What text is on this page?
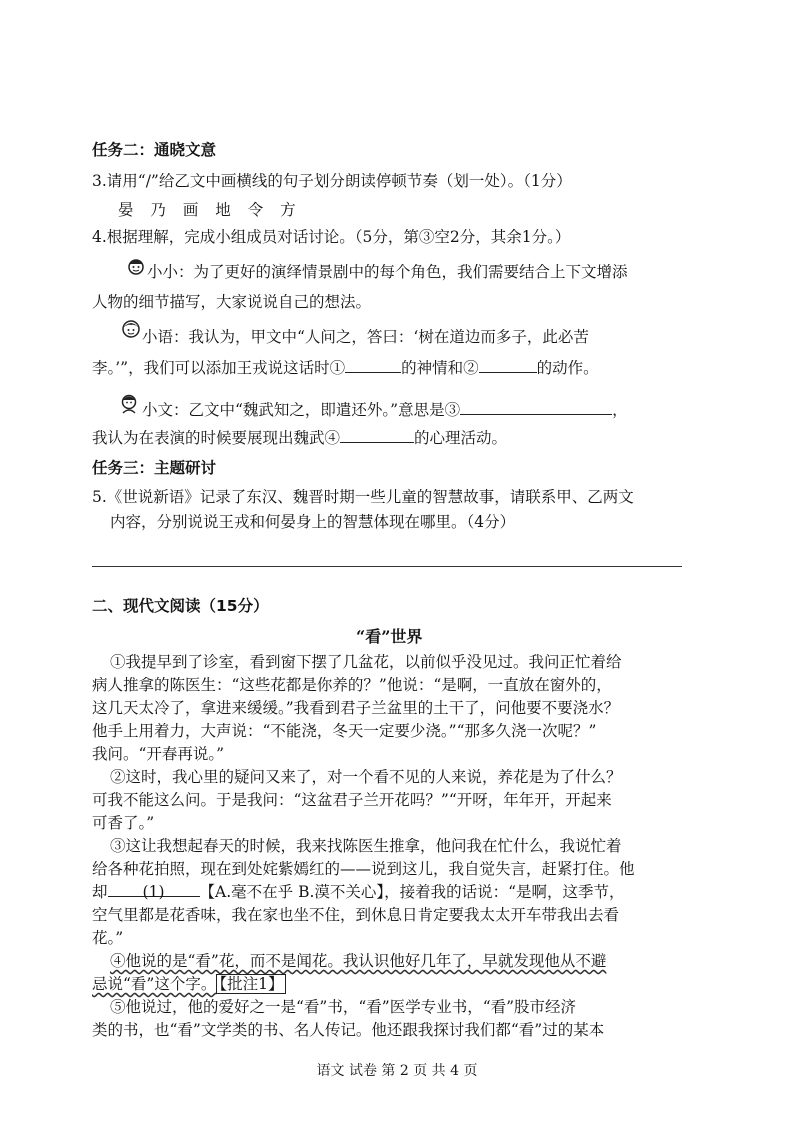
任务二：通晓文意
3.请用“/”给乙文中画横线的句子划分朗读停顿节奏（划一处）。（1分）
晏 乃 画 地 令 方
4.根据理解，完成小组成员对话讨论。（5分，第③空2分，其余1分。）
小小：为了更好的演绎情景剧中的每个角色，我们需要结合上下文增添
人物的细节描写，大家说说自己的想法。
小语：我认为，甲文中“人问之，答曰：‘树在道边而多子，此必苦
李。’”，我们可以添加王戎说这话时①	的神情和②	的动作。
小文：乙文中“魏武知之，即遣还外。”意思是③	，
我认为在表演的时候要展现出魏武④	的心理活动。
任务三：主题研讨
5.《世说新语》记录了东汉、魏晋时期一些儿童的智慧故事，请联系甲、乙两文
内容，分别说说王戎和何晏身上的智慧体现在哪里。（4分）
二、现代文阅读（15分）
“看”世界
①我提早到了诊室，看到窗下摆了几盆花，以前似乎没见过。我问正忙着给
病人推拿的陈医生：“这些花都是你养的？”他说：“是啊，一直放在窗外的，
这几天太冷了，拿进来缓缓。”我看到君子兰盆里的土干了，问他要不要浇水？
他手上用着力，大声说：“不能浇，冬天一定要少浇。”“那多久浇一次呢？”
我问。“开春再说。”
②这时，我心里的疑问又来了，对一个看不见的人来说，养花是为了什么？
可我不能这么问。于是我问：“这盆君子兰开花吗？”“开呀，年年开，开起来
可香了。”
③这让我想起春天的时候，我来找陈医生推拿，他问我在忙什么，我说忙着
给各种花拍照，现在到处姹紫嫣红的——说到这儿，我自觉失言，赶紧打住。他
却 (1) 【A.毫不在乎 B.漠不关心】，接着我的话说：“是啊，这季节，
空气里都是花香味，我在家也坐不住，到休息日肯定要我太太开车带我出去看
花。”
④他说的是“看”花，而不是闻花。我认识他好几年了，早就发现他从不避
忌说“看”这个字。 【批注1】
⑤他说过，他的爱好之一是“看”书，“看”医学专业书，“看”股市经济
类的书，也“看”文学类的书、名人传记。他还跟我探讨我们都“看”过的某本
语文 试卷 第 2 页 共 4 页
